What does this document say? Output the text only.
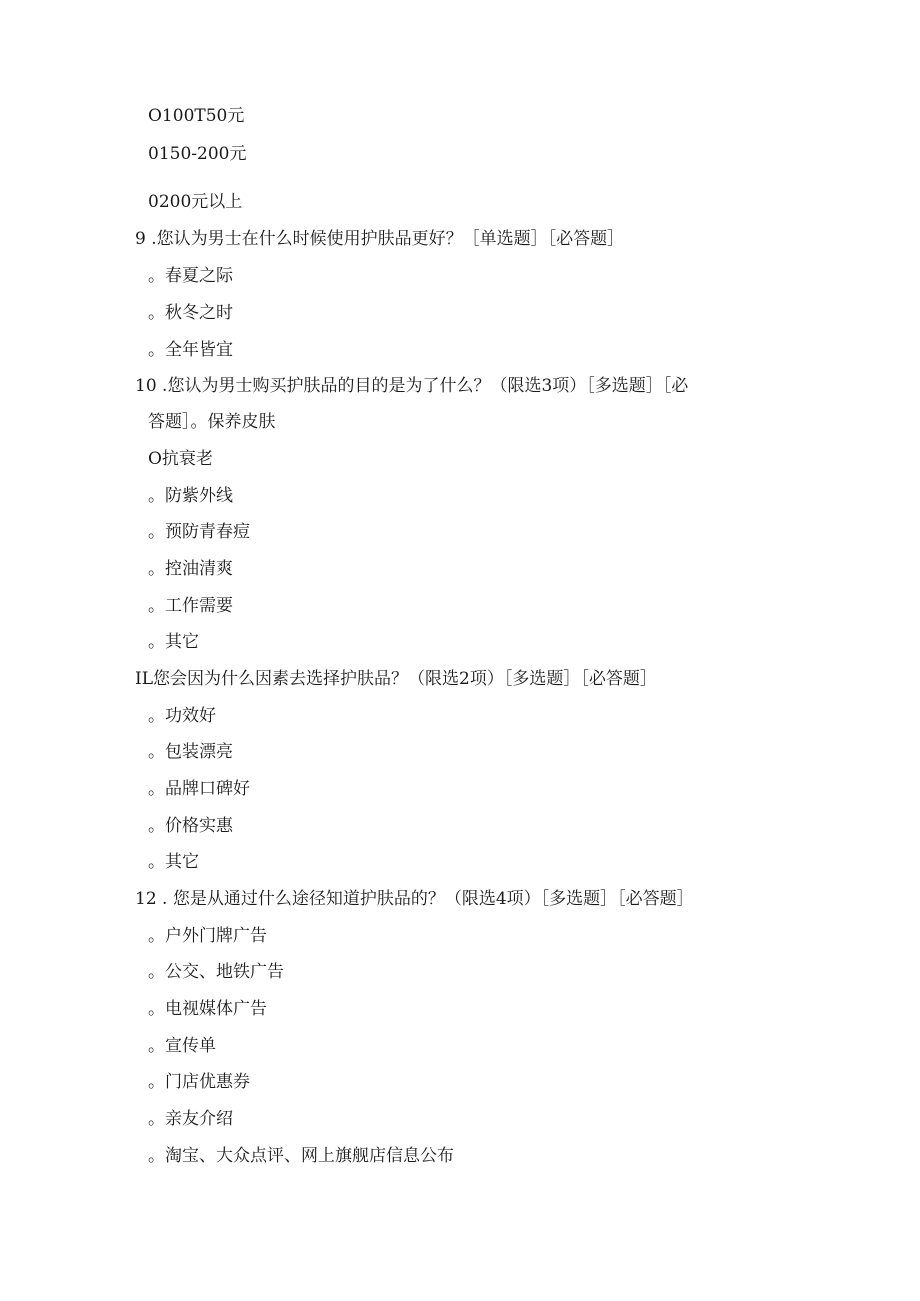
O100T50元
0150-200元
0200元以上
9 .您认为男士在什么时候使用护肤品更好？［单选题］［必答题］
。春夏之际
。秋冬之时
。全年皆宜
10 .您认为男士购买护肤品的目的是为了什么？（限选3项）［多选题］［必
答题］。保养皮肤
O抗衰老
。防紫外线
。预防青春痘
。控油清爽
。工作需要
。其它
IL您会因为什么因素去选择护肤品？（限选2项）［多选题］［必答题］
。功效好
。包装漂亮
。品牌口碑好
。价格实惠
。其它
12 . 您是从通过什么途径知道护肤品的？（限选4项）［多选题］［必答题］
。户外门牌广告
。公交、地铁广告
。电视媒体广告
。宣传单
。门店优惠券
。亲友介绍
。淘宝、大众点评、网上旗舰店信息公布
